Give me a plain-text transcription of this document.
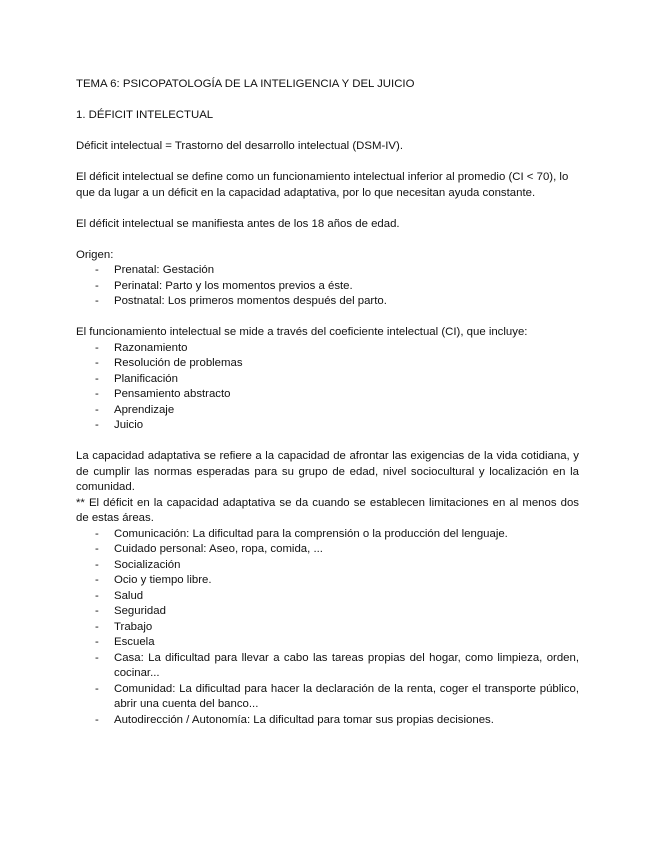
TEMA 6: PSICOPATOLOGÍA DE LA INTELIGENCIA Y DEL JUICIO

1. DÉFICIT INTELECTUAL

Déficit intelectual = Trastorno del desarrollo intelectual (DSM-IV).

El déficit intelectual se define como un funcionamiento intelectual inferior al promedio (CI < 70), lo que da lugar a un déficit en la capacidad adaptativa, por lo que necesitan ayuda constante.

El déficit intelectual se manifiesta antes de los 18 años de edad.

Origen:

- Prenatal: Gestación
- Perinatal: Parto y los momentos previos a éste.
- Postnatal: Los primeros momentos después del parto.

El funcionamiento intelectual se mide a través del coeficiente intelectual (CI), que incluye:

- Razonamiento
- Resolución de problemas
- Planificación
- Pensamiento abstracto
- Aprendizaje
- Juicio

La capacidad adaptativa se refiere a la capacidad de afrontar las exigencias de la vida cotidiana, y de cumplir las normas esperadas para su grupo de edad, nivel sociocultural y localización en la comunidad.

** El déficit en la capacidad adaptativa se da cuando se establecen limitaciones en al menos dos de estas áreas.

- Comunicación: La dificultad para la comprensión o la producción del lenguaje.
- Cuidado personal: Aseo, ropa, comida, ...
- Socialización
- Ocio y tiempo libre.
- Salud
- Seguridad
- Trabajo
- Escuela
- Casa: La dificultad para llevar a cabo las tareas propias del hogar, como limpieza, orden, cocinar...
- Comunidad: La dificultad para hacer la declaración de la renta, coger el transporte público, abrir una cuenta del banco...
- Autodirección / Autonomía: La dificultad para tomar sus propias decisiones.
